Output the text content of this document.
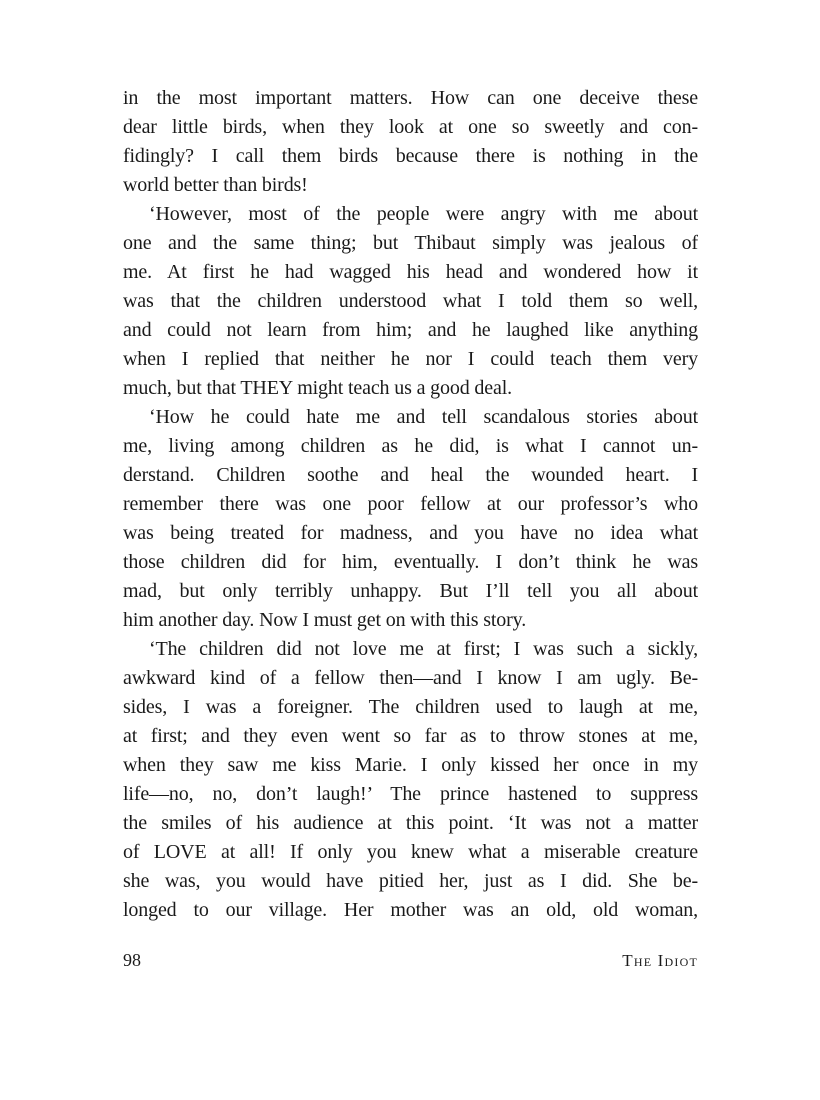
in the most important matters. How can one deceive these
dear little birds, when they look at one so sweetly and con-
fidingly? I call them birds because there is nothing in the
world better than birds!

‘However, most of the people were angry with me about
one and the same thing; but Thibaut simply was jealous of
me. At first he had wagged his head and wondered how it
was that the children understood what I told them so well,
and could not learn from him; and he laughed like anything
when I replied that neither he nor I could teach them very
much, but that THEY might teach us a good deal.

‘How he could hate me and tell scandalous stories about
me, living among children as he did, is what I cannot un-
derstand. Children soothe and heal the wounded heart. I
remember there was one poor fellow at our professor’s who
was being treated for madness, and you have no idea what
those children did for him, eventually. I don’t think he was
mad, but only terribly unhappy. But I’ll tell you all about
him another day. Now I must get on with this story.

‘The children did not love me at first; I was such a sickly,
awkward kind of a fellow then—and I know I am ugly. Be-
sides, I was a foreigner. The children used to laugh at me,
at first; and they even went so far as to throw stones at me,
when they saw me kiss Marie. I only kissed her once in my
life—no, no, don’t laugh!’ The prince hastened to suppress
the smiles of his audience at this point. ‘It was not a matter
of LOVE at all! If only you knew what a miserable creature
she was, you would have pitied her, just as I did. She be-
longed to our village. Her mother was an old, old woman,

98	The Idiot
